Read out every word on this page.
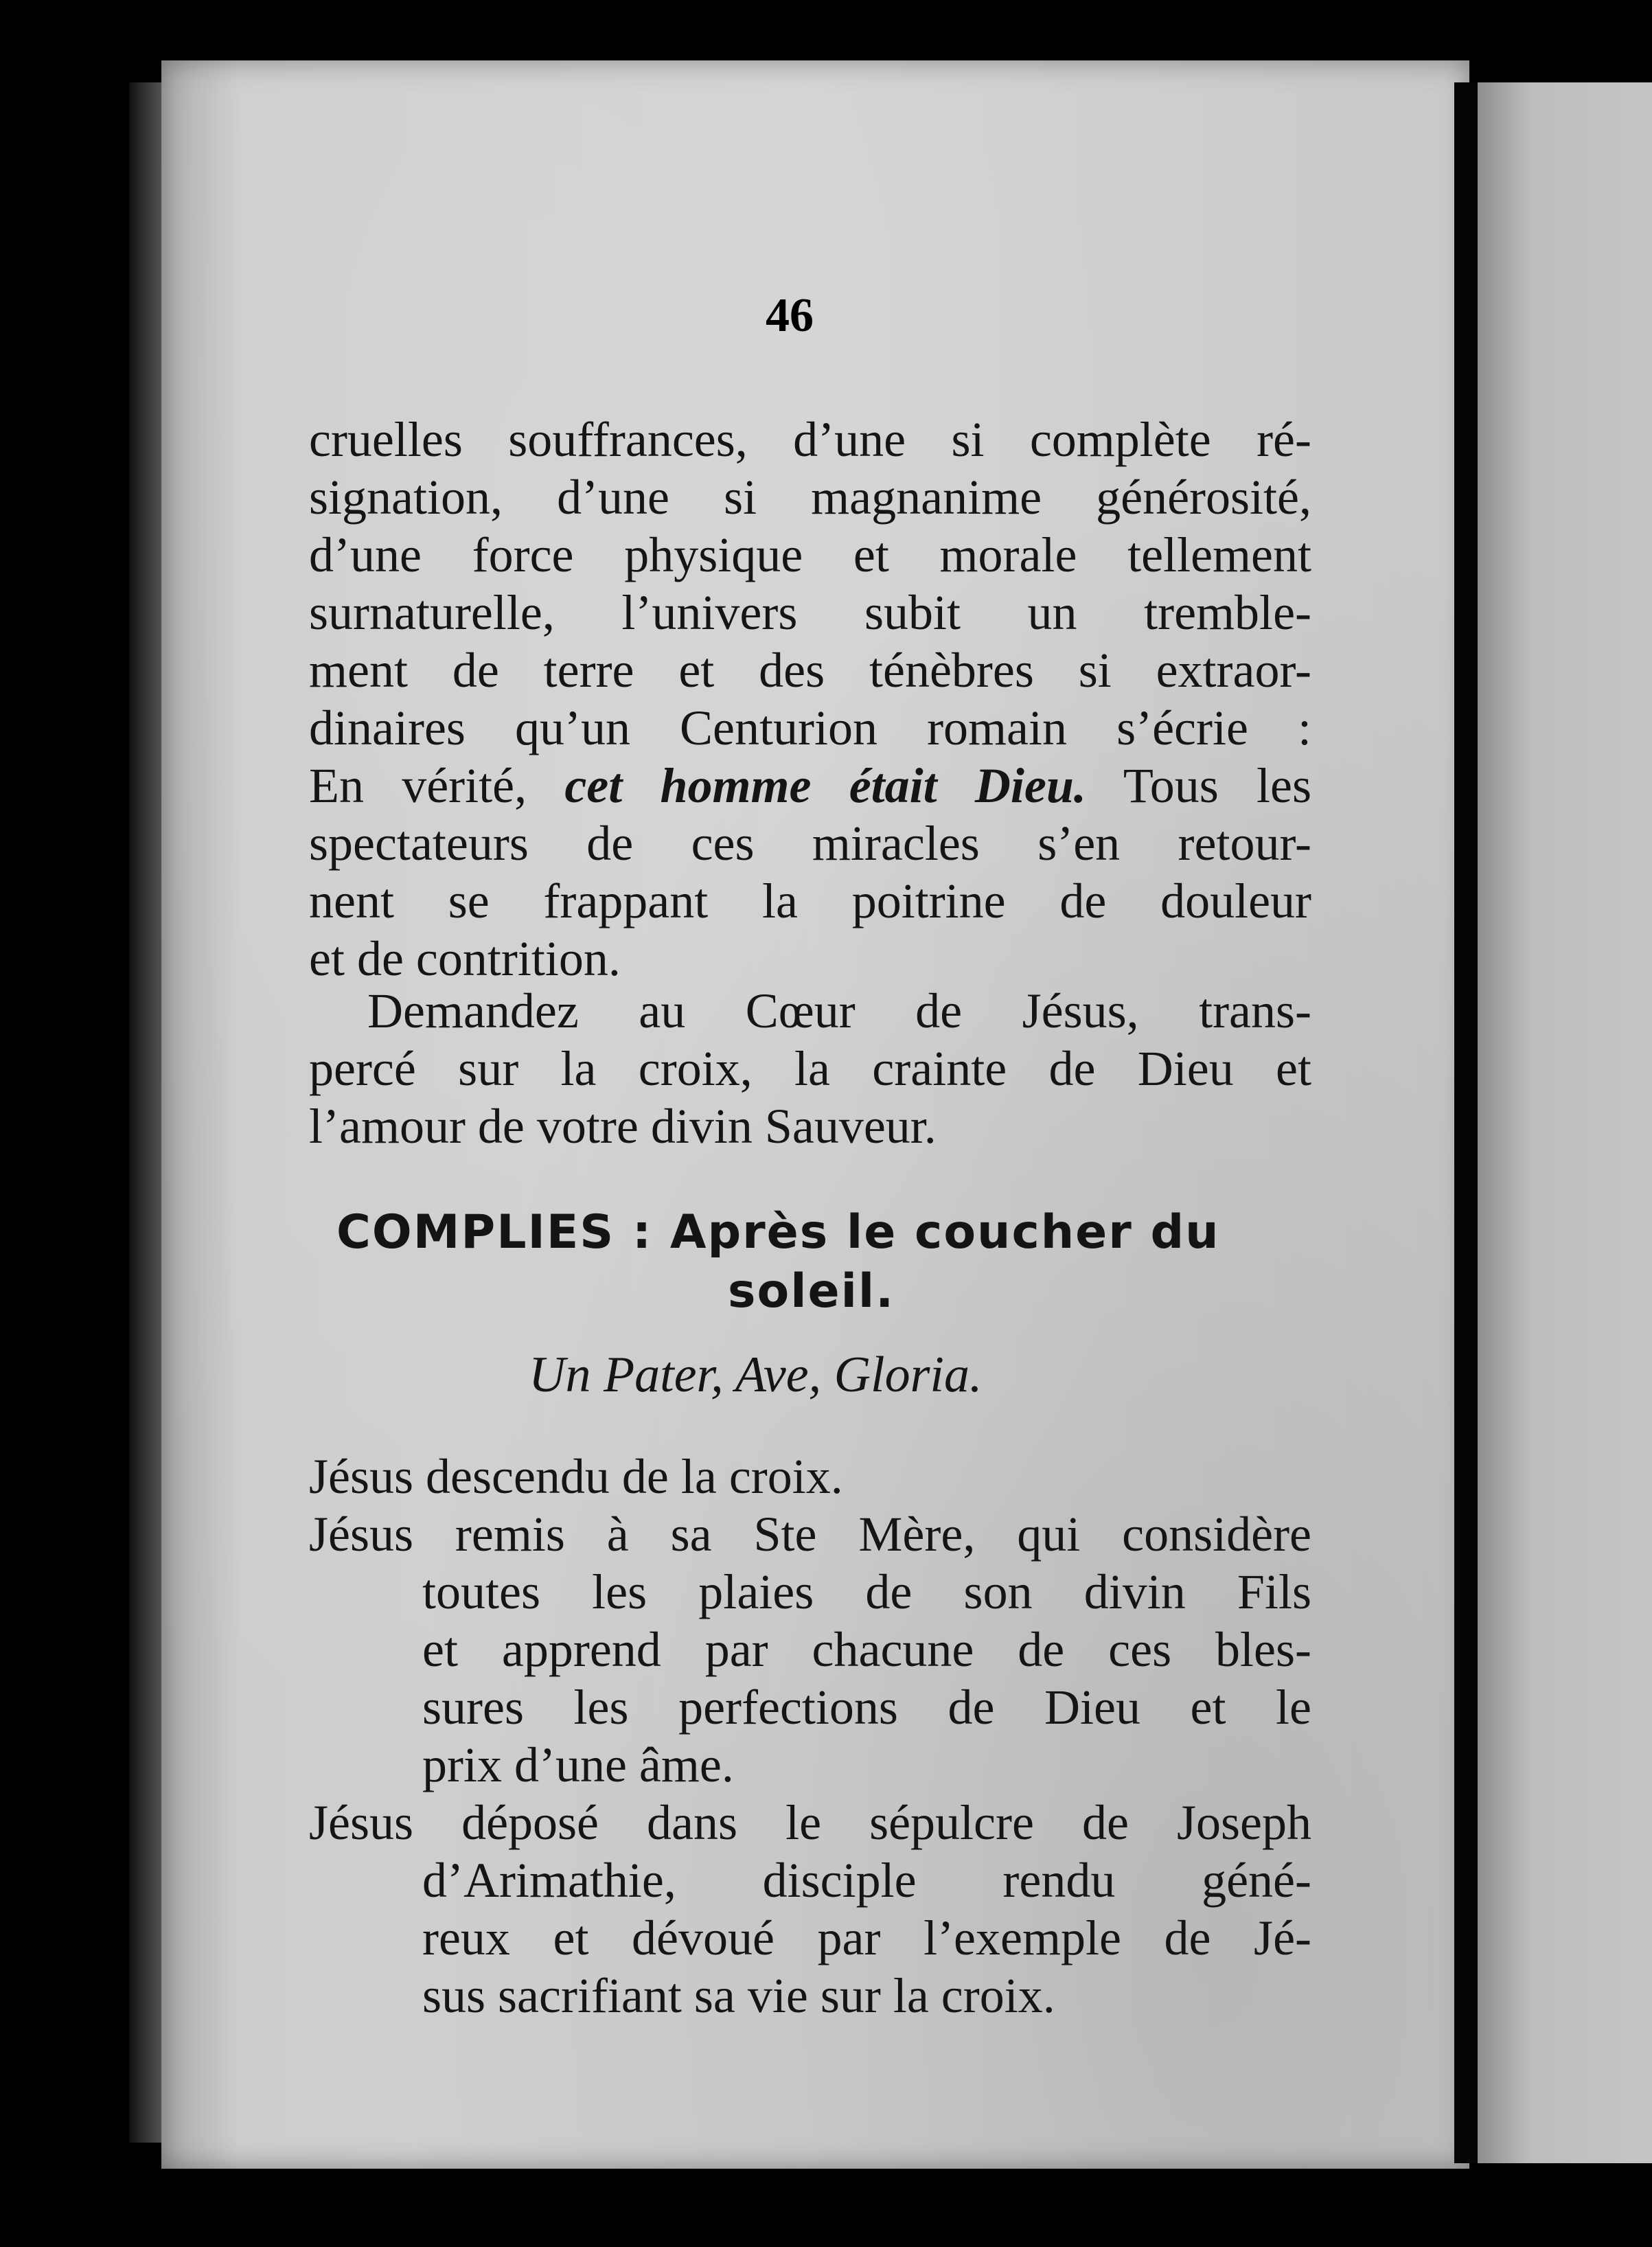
46
cruelles souffrances, d’une si complète ré-
signation, d’une si magnanime générosité,
d’une force physique et morale tellement
surnaturelle, l’univers subit un tremble-
ment de terre et des ténèbres si extraor-
dinaires qu’un Centurion romain s’écrie :
En vérité, cet homme était Dieu. Tous les
spectateurs de ces miracles s’en retour-
nent se frappant la poitrine de douleur
et de contrition.
Demandez au Cœur de Jésus, trans-
percé sur la croix, la crainte de Dieu et
l’amour de votre divin Sauveur.
COMPLIES : Après le coucher du
soleil.
Un Pater, Ave, Gloria.
Jésus descendu de la croix.
Jésus remis à sa Ste Mère, qui considère
toutes les plaies de son divin Fils
et apprend par chacune de ces bles-
sures les perfections de Dieu et le
prix d’une âme.
Jésus déposé dans le sépulcre de Joseph
d’Arimathie, disciple rendu géné-
reux et dévoué par l’exemple de Jé-
sus sacrifiant sa vie sur la croix.
